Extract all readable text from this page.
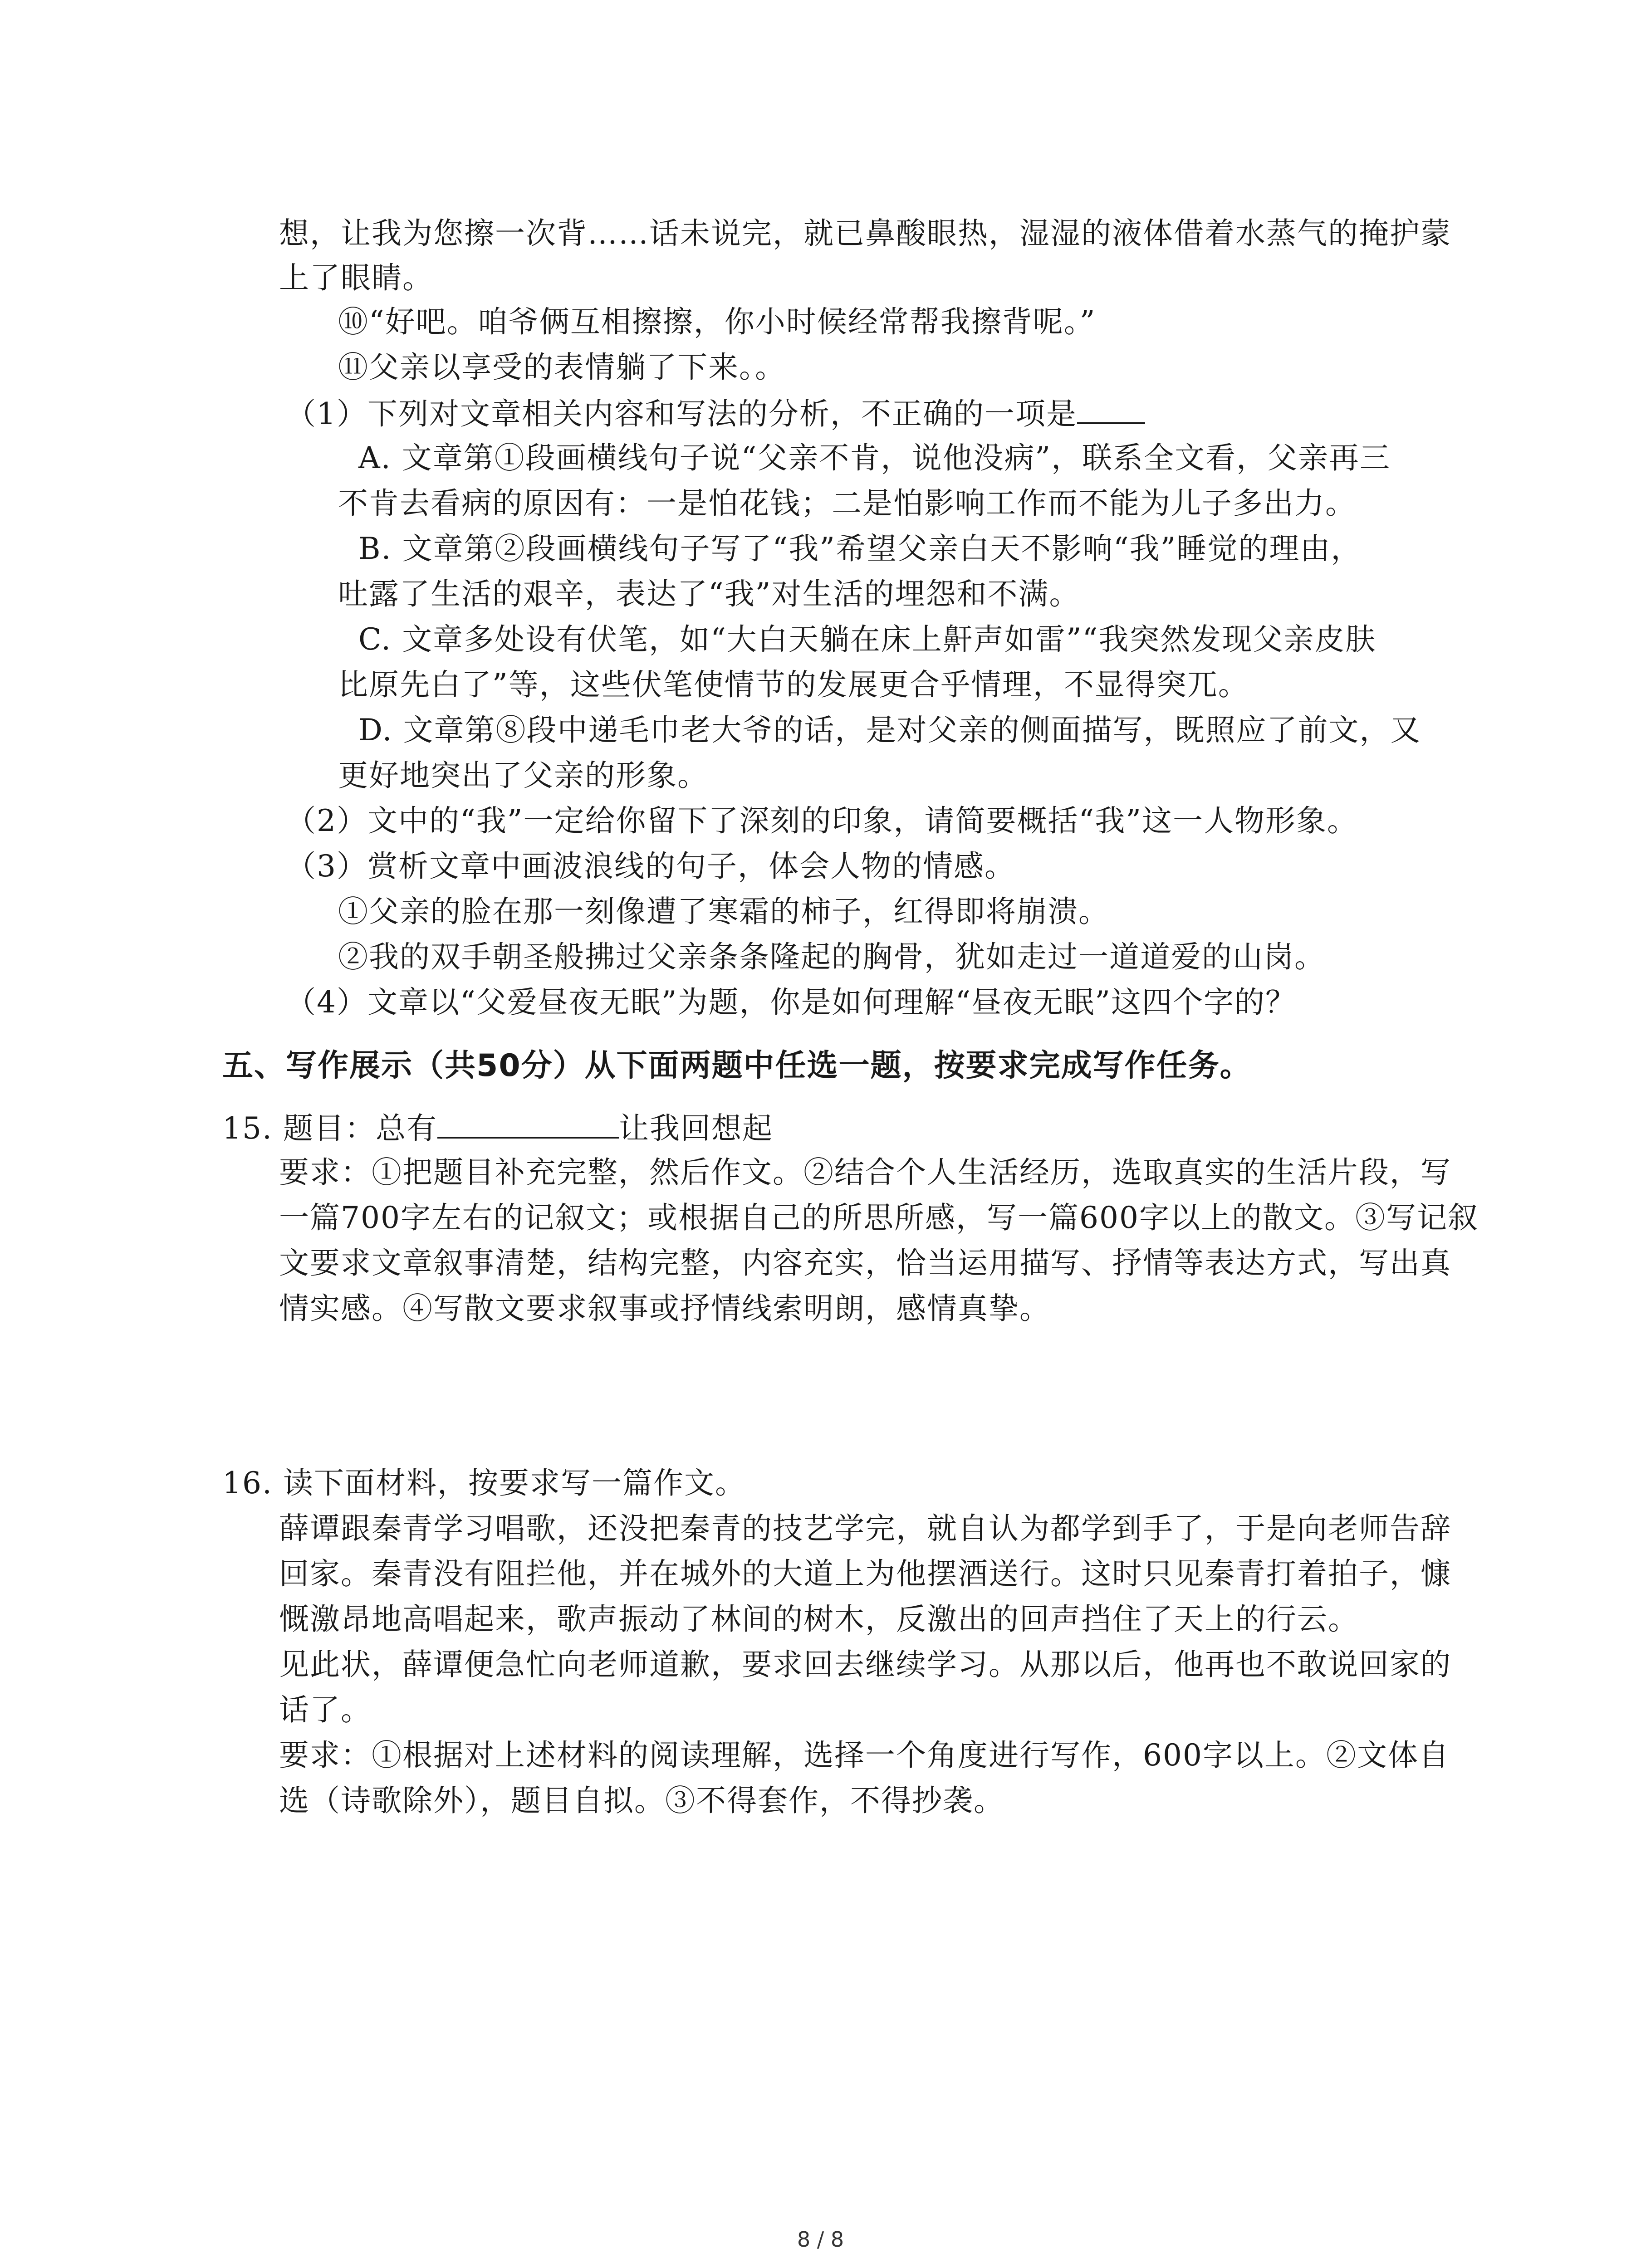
想，让我为您擦一次背……话未说完，就已鼻酸眼热，湿湿的液体借着水蒸气的掩护蒙
上了眼睛。
⑩“好吧。咱爷俩互相擦擦，你小时候经常帮我擦背呢。”
⑪父亲以享受的表情躺了下来。。
（1）下列对文章相关内容和写法的分析，不正确的一项是
A. 文章第①段画横线句子说“父亲不肯，说他没病”，联系全文看，父亲再三
不肯去看病的原因有：一是怕花钱；二是怕影响工作而不能为儿子多出力。
B. 文章第②段画横线句子写了“我”希望父亲白天不影响“我”睡觉的理由，
吐露了生活的艰辛，表达了“我”对生活的埋怨和不满。
C. 文章多处设有伏笔，如“大白天躺在床上鼾声如雷”“我突然发现父亲皮肤
比原先白了”等，这些伏笔使情节的发展更合乎情理，不显得突兀。
D. 文章第⑧段中递毛巾老大爷的话，是对父亲的侧面描写，既照应了前文，又
更好地突出了父亲的形象。
（2）文中的“我”一定给你留下了深刻的印象，请简要概括“我”这一人物形象。
（3）赏析文章中画波浪线的句子，体会人物的情感。
①父亲的脸在那一刻像遭了寒霜的柿子，红得即将崩溃。
②我的双手朝圣般拂过父亲条条隆起的胸骨，犹如走过一道道爱的山岗。
（4）文章以“父爱昼夜无眠”为题，你是如何理解“昼夜无眠”这四个字的？
五、写作展示（共50分）从下面两题中任选一题，按要求完成写作任务。
15. 题目：总有	让我回想起
要求：①把题目补充完整，然后作文。②结合个人生活经历，选取真实的生活片段，写
一篇700字左右的记叙文；或根据自己的所思所感，写一篇600字以上的散文。③写记叙
文要求文章叙事清楚，结构完整，内容充实，恰当运用描写、抒情等表达方式，写出真
情实感。④写散文要求叙事或抒情线索明朗，感情真挚。
16. 读下面材料，按要求写一篇作文。
薛谭跟秦青学习唱歌，还没把秦青的技艺学完，就自认为都学到手了，于是向老师告辞
回家。秦青没有阻拦他，并在城外的大道上为他摆酒送行。这时只见秦青打着拍子，慷
慨激昂地高唱起来，歌声振动了林间的树木，反激出的回声挡住了天上的行云。
见此状，薛谭便急忙向老师道歉，要求回去继续学习。从那以后，他再也不敢说回家的
话了。
要求：①根据对上述材料的阅读理解，选择一个角度进行写作，600字以上。②文体自
选（诗歌除外），题目自拟。③不得套作，不得抄袭。
8 / 8
